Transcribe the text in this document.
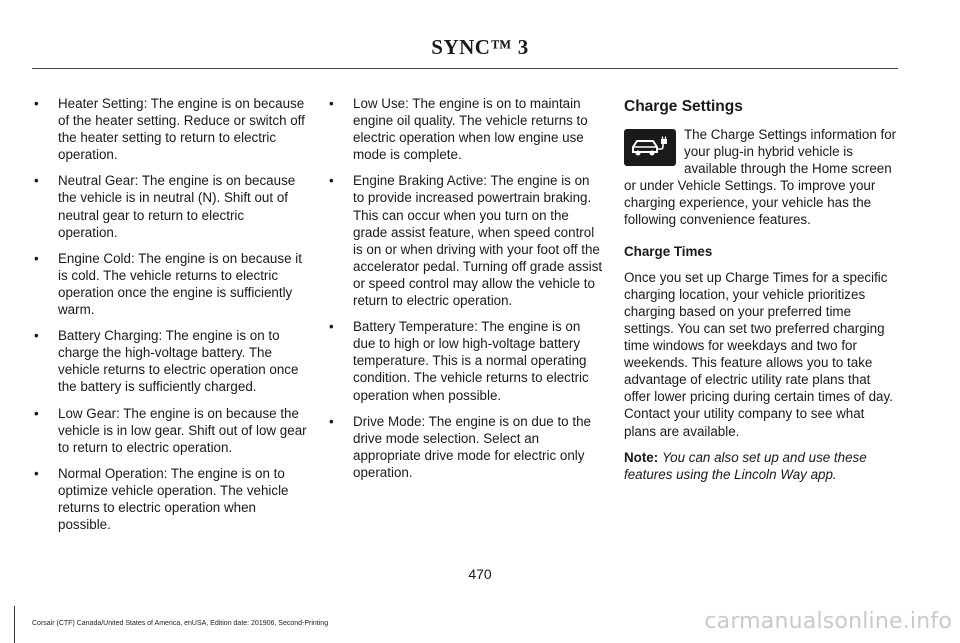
SYNC™ 3
• Heater Setting: The engine is on because of the heater setting. Reduce or switch off the heater setting to return to electric operation.
• Neutral Gear: The engine is on because the vehicle is in neutral (N). Shift out of neutral gear to return to electric operation.
• Engine Cold: The engine is on because it is cold. The vehicle returns to electric operation once the engine is sufficiently warm.
• Battery Charging: The engine is on to charge the high-voltage battery. The vehicle returns to electric operation once the battery is sufficiently charged.
• Low Gear: The engine is on because the vehicle is in low gear. Shift out of low gear to return to electric operation.
• Normal Operation: The engine is on to optimize vehicle operation. The vehicle returns to electric operation when possible.
• Low Use: The engine is on to maintain engine oil quality. The vehicle returns to electric operation when low engine use mode is complete.
• Engine Braking Active: The engine is on to provide increased powertrain braking. This can occur when you turn on the grade assist feature, when speed control is on or when driving with your foot off the accelerator pedal. Turning off grade assist or speed control may allow the vehicle to return to electric operation.
• Battery Temperature: The engine is on due to high or low high-voltage battery temperature. This is a normal operating condition. The vehicle returns to electric operation when possible.
• Drive Mode: The engine is on due to the drive mode selection. Select an appropriate drive mode for electric only operation.
Charge Settings

The Charge Settings information for your plug-in hybrid vehicle is available through the Home screen or under Vehicle Settings. To improve your charging experience, your vehicle has the following convenience features.

Charge Times

Once you set up Charge Times for a specific charging location, your vehicle prioritizes charging based on your preferred time settings. You can set two preferred charging time windows for weekdays and two for weekends. This feature allows you to take advantage of electric utility rate plans that offer lower pricing during certain times of day. Contact your utility company to see what plans are available.

Note: You can also set up and use these features using the Lincoln Way app.

470
Corsair (CTF) Canada/United States of America, enUSA, Edition date: 201906, Second-Printing	carmanualsonline.info
